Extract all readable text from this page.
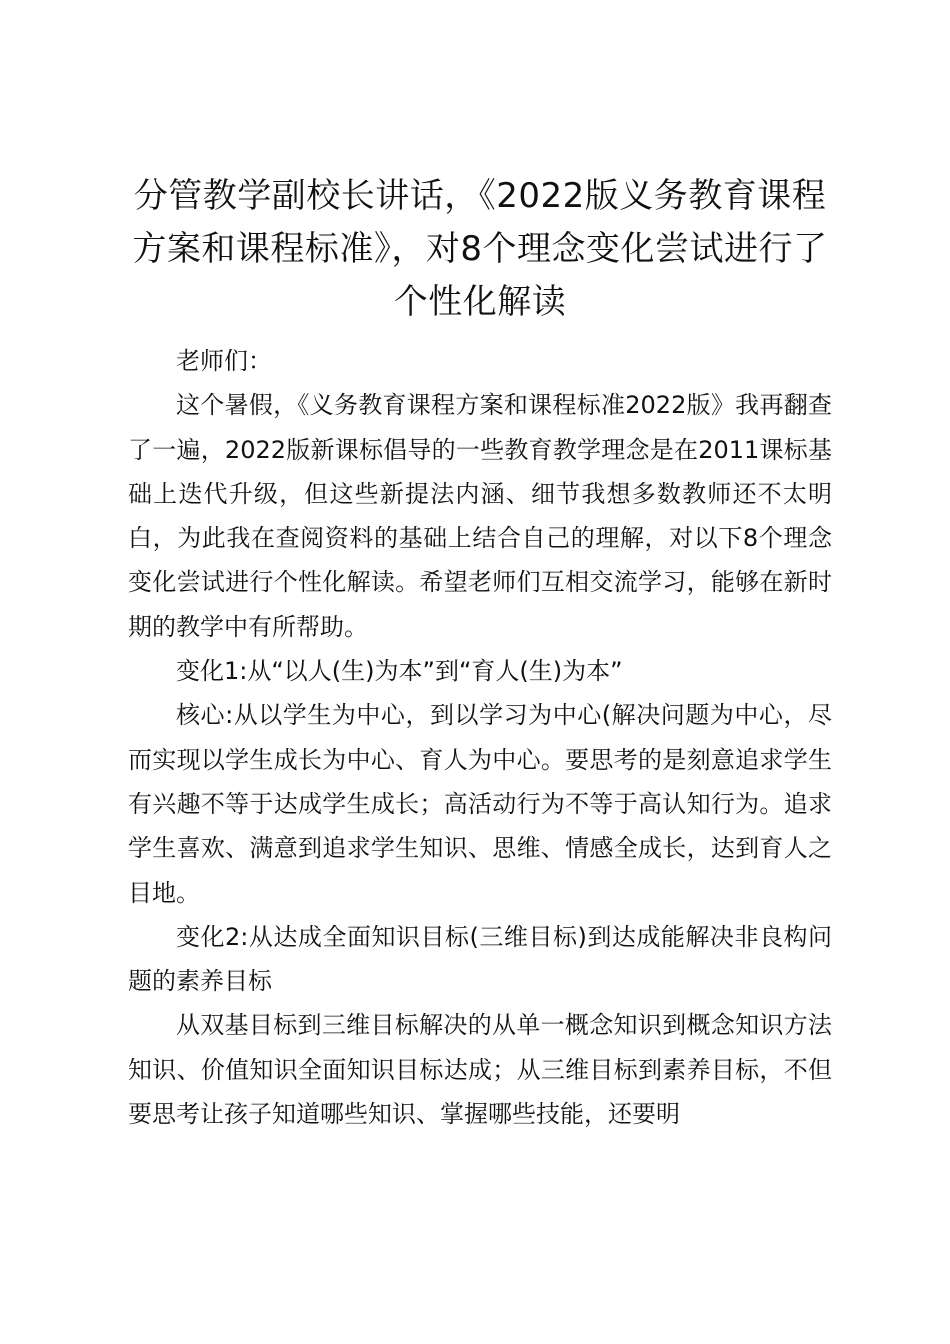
分管教学副校长讲话，《2022版义务教育课程方案和课程标准》，对8个理念变化尝试进行了个性化解读

老师们：

这个暑假，《义务教育课程方案和课程标准2022版》我再翻查了一遍，2022版新课标倡导的一些教育教学理念是在2011课标基础上迭代升级，但这些新提法内涵、细节我想多数教师还不太明白，为此我在查阅资料的基础上结合自己的理解，对以下8个理念变化尝试进行个性化解读。希望老师们互相交流学习，能够在新时期的教学中有所帮助。

变化1:从“以人(生)为本”到“育人(生)为本”

核心:从以学生为中心，到以学习为中心(解决问题为中心，尽而实现以学生成长为中心、育人为中心。要思考的是刻意追求学生有兴趣不等于达成学生成长；高活动行为不等于高认知行为。追求学生喜欢、满意到追求学生知识、思维、情感全成长，达到育人之目地。

变化2:从达成全面知识目标(三维目标)到达成能解决非良构问题的素养目标

从双基目标到三维目标解决的从单一概念知识到概念知识方法知识、价值知识全面知识目标达成；从三维目标到素养目标，不但要思考让孩子知道哪些知识、掌握哪些技能，还要明
